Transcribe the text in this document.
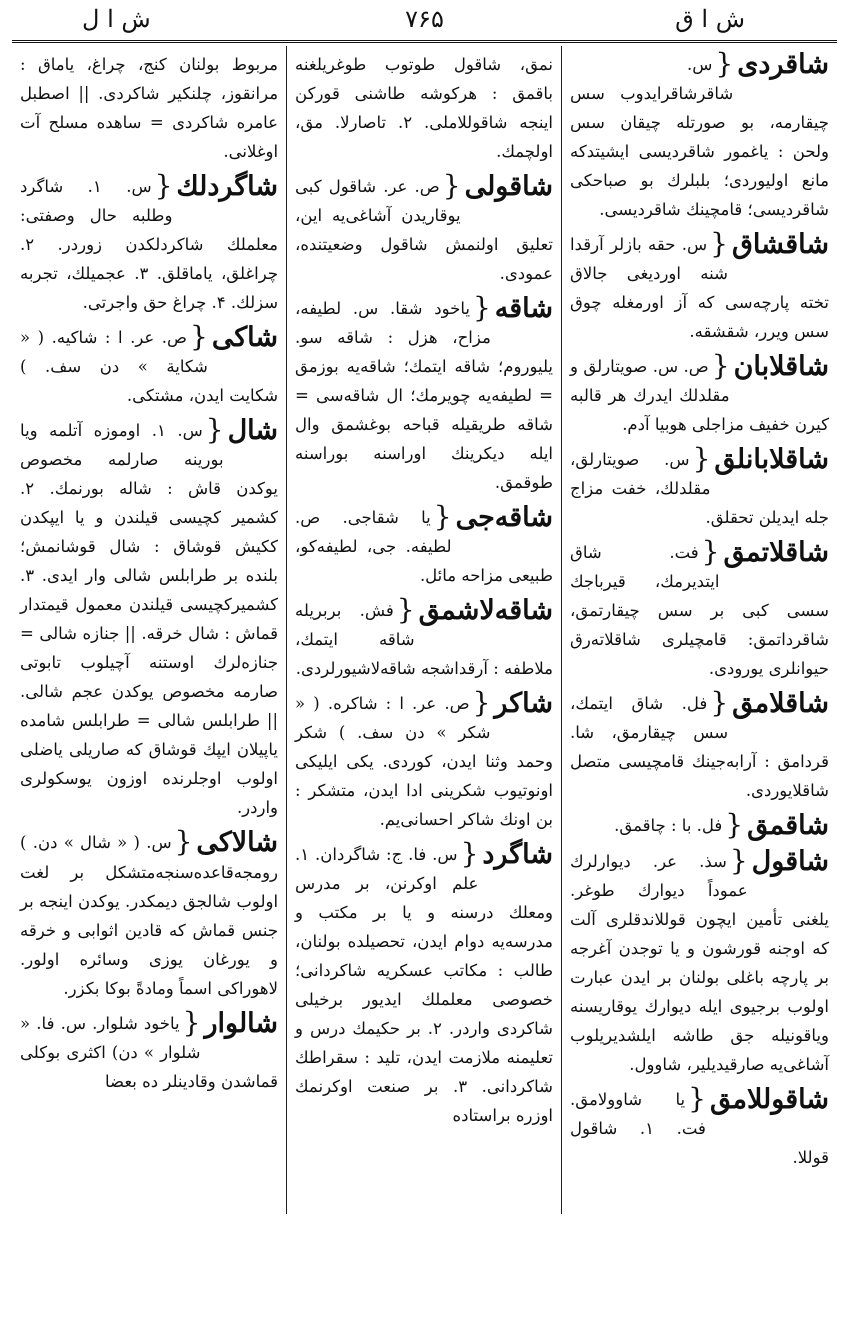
ش ا ق
۷۶۵
ش ا ل
شاقردی
{
س. شاقرشاقرایدوب سس چیقارمه، بو صورتله چیقان سس ولحن : یاغمور شاقردیسی ایشیتدکه مانع اولیوردی؛ بلبلرك بو صباحکی شاقردیسی؛ قامچینك شاقردیسی.
شاقشاق
{
س. حقه بازلر آرقدا شنه اوردیغی جالاق تخته پارچه‌سی که آز اورمغله چوق سس ویرر، شقشقه.
شاقلابان
{
ص. س. صویتارلق و مقلدلك ایدرك هر قالبه کیرن خفیف مزاجلی هوبیا آدم.
شاقلابانلق
{
س. صویتارلق، مقلدلك، خفت مزاج جله ایدیلن تحقلق.
شاقلاتمق
{
فت. شاق ایتدیرمك، قیرباجك سسی کبی بر سس چیقارتمق، شاقرداتمق: قامچیلری شاقلاته‌رق حیوانلری یورودی.
شاقلامق
{
فل. شاق ایتمك، سس چیقارمق، شا. قردامق : آرابه‌جینك قامچیسی متصل شاقلایوردی.
شاقمق
{
فل. با : چاقمق.
شاقول
{
سذ. عر. دیوارلرك عموداً دیوارك طوغر. یلغنی تأمین ایچون قوللاندقلری آلت که اوجنه قورشون و یا توجدن آغرجه بر پارچه باغلی بولنان بر ایدن عبارت اولوب برجیوی ایله دیوارك یوقاریسنه ویاقونیله جق طاشه ایلشدیریلوب آشاغی‌یه صارقیدیلیر، شاوول.
شاقوللامق
{
یا شاوولامق. فت. ۱. شاقول قوللا.
نمق، شاقول طوتوب طوغریلغنه باقمق : هرکوشه طاشنی قورکن اینجه شاقوللاملی. ۲. تاصارلا. مق، اولچمك.
شاقولی
{
ص. عر. شاقول کبی یوقاریدن آشاغی‌یه این، تعلیق اولنمش شاقول وضعیتنده، عمودی.
شاقه
{
یاخود شقا. س. لطیفه، مزاح، هزل : شاقه سو. یلیوروم؛ شاقه ایتمك؛ شاقه‌یه بوزمق = لطیفه‌یه چویرمك؛ ال شاقه‌سی = شاقه طریقیله قباحه بوغشمق وال ایله دیکرینك اوراسنه بوراسنه طوقمق.
شاقه‌جی
{
یا شقاجی. ص. لطیفه. جی، لطیفه‌کو، طبیعی مزاحه مائل.
شاقه‌لاشمق
{
فش. بربریله شاقه ایتمك، ملاطفه : آرقداشجه شاقه‌لاشیورلردی.
شاکر
{
ص. عر. ا : شاکره. ( « شکر » دن سف. ) شکر وحمد وثنا ایدن، کوردی. یکی ایلیکی اونوتیوب شکرینی ادا ایدن، متشکر : بن اونك شاکر احسانی‌یم.
شاگرد
{
س. فا. ج: شاگردان. ۱. علم اوکرنن، بر مدرس ومعلك درسنه و یا بر مکتب و مدرسه‌یه دوام ایدن، تحصیلده بولنان، طالب : مکاتب عسکریه شاکردانی؛ خصوصی معلملك ایدیور برخیلی شاکردی واردر. ۲. بر حکیمك درس و تعلیمنه ملازمت ایدن، تلید : سقراطك شاکردانی. ۳. بر صنعت اوکرنمك اوزره براستاده
مربوط بولنان کنج، چراغ، یاماق : مرانقوز، چلنکیر شاکردی. || اصطبل عامره شاکردی = ساهده مسلح آت اوغلانی.
شاگردلك
{
س. ۱. شاگرد وطلبه حال وصفتی: معلملك شاکردلکدن زوردر. ۲. چراغلق، یاماقلق. ۳. عجمیلك، تجربه سزلك. ۴. چراغ حق واجرتی.
شاکی
{
ص. عر. ا : شاکیه. ( « شکایة » دن سف. ) شکایت ایدن، مشتکی.
شال
{
س. ۱. اوموزه آتلمه ویا بورینه صارلمه مخصوص یوکدن قاش : شاله بورنمك. ۲. کشمیر کچیسی قیلندن و یا ایپکدن ککیش قوشاق : شال قوشانمش؛ بلنده بر طرابلس شالی وار ایدی. ۳. کشمیرکچیسی قیلندن معمول قیمتدار قماش : شال خرقه. || جنازه شالی = جنازه‌لرك اوستنه آچیلوب تابوتی صارمه مخصوص یوکدن عجم شالی. || طرابلس شالی = طرابلس شامده یاپیلان ایپك قوشاق که صاریلی یاضلی اولوب اوجلرنده اوزون یوسکولری واردر.
شالاکی
{
س. ( « شال » دن. ) رومجه‌قاعده‌سنجه‌متشکل بر لغت اولوب شالجق دیمکدر. یوکدن اینجه بر جنس قماش که قادین اثوابی و خرقه و یورغان یوزی وسائره اولور. لاهوراکی اسماً ومادةً بوکا بکزر.
شالوار
{
یاخود شلوار. س. فا. « شلوار » دن) اکثری بوکلی قماشدن وقادینلر ده بعضا
